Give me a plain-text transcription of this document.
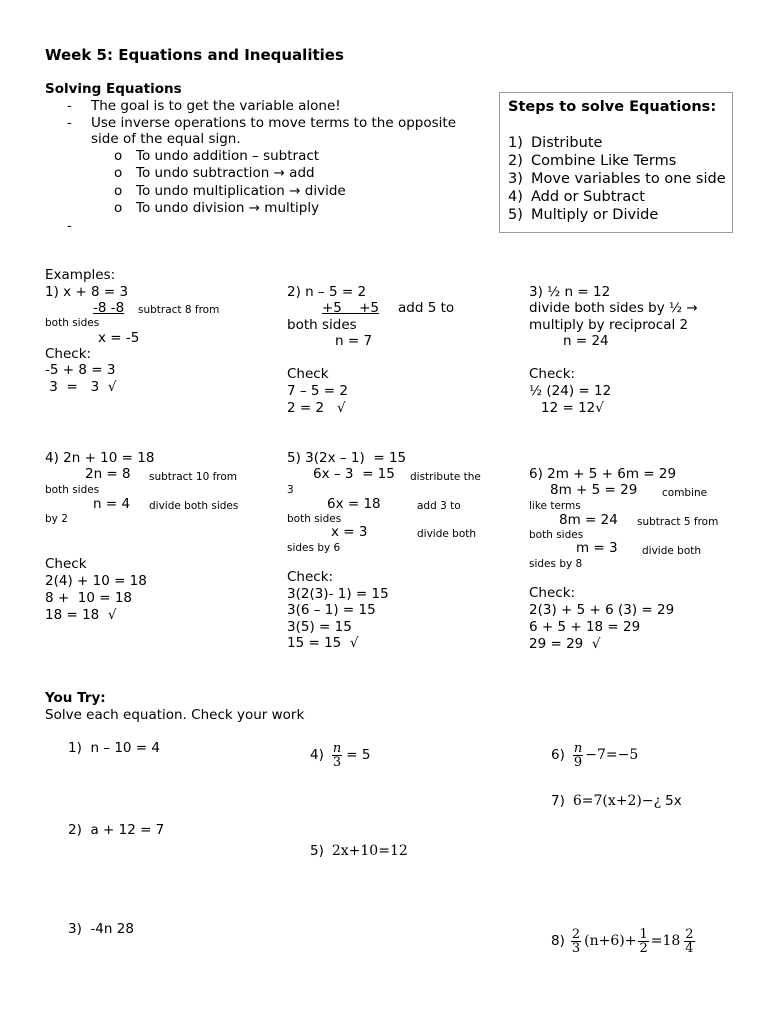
Week 5: Equations and Inequalities
Solving Equations
- The goal is to get the variable alone!
- Use inverse operations to move terms to the opposite
side of the equal sign.
o To undo addition – subtract
o To undo subtraction → add
o To undo multiplication → divide
o To undo division → multiply
-
Steps to solve Equations:
1) Distribute
2) Combine Like Terms
3) Move variables to one side
4) Add or Subtract
5) Multiply or Divide
Examples:
1) x + 8 = 3
-8 -8	subtract 8 from
both sides
x = -5
Check:
-5 + 8 = 3
3  =   3  √
2) n – 5 = 2
+5    +5 add 5 to
both sides
n = 7
Check
7 – 5 = 2
2 = 2   √
3) ½ n = 12
divide both sides by ½ →
multiply by reciprocal 2
n = 24
Check:
½ (24) = 12
12 = 12√
4) 2n + 10 = 18
2n = 8 subtract 10 from
both sides
n = 4 divide both sides
by 2
Check
2(4) + 10 = 18
8 +  10 = 18
18 = 18  √
5) 3(2x – 1)  = 15
6x – 3  = 15 distribute the
3
6x = 18	add 3 to
both sides
x = 3	divide both
sides by 6
Check:
3(2(3)- 1) = 15
3(6 – 1) = 15
3(5) = 15
15 = 15  √
6) 2m + 5 + 6m = 29
8m + 5 = 29 combine
like terms
8m = 24 subtract 5 from
both sides
m = 3 divide both
sides by 8
Check:
2(3) + 5 + 6 (3) = 29
6 + 5 + 18 = 29
29 = 29  √
You Try:
Solve each equation. Check your work
1)  n – 10 = 4
2)  a + 12 = 7
3)  -4n 28
$4) \frac{n}{3} = 5$
5) 2x+10=12
$6) \frac{n}{9} -7=-5$
7) 6=7(x+2)−¿ 5x
$8) \frac{2}{3} (n+6)+ \frac{1}{2} =18 \frac{2}{4}$
